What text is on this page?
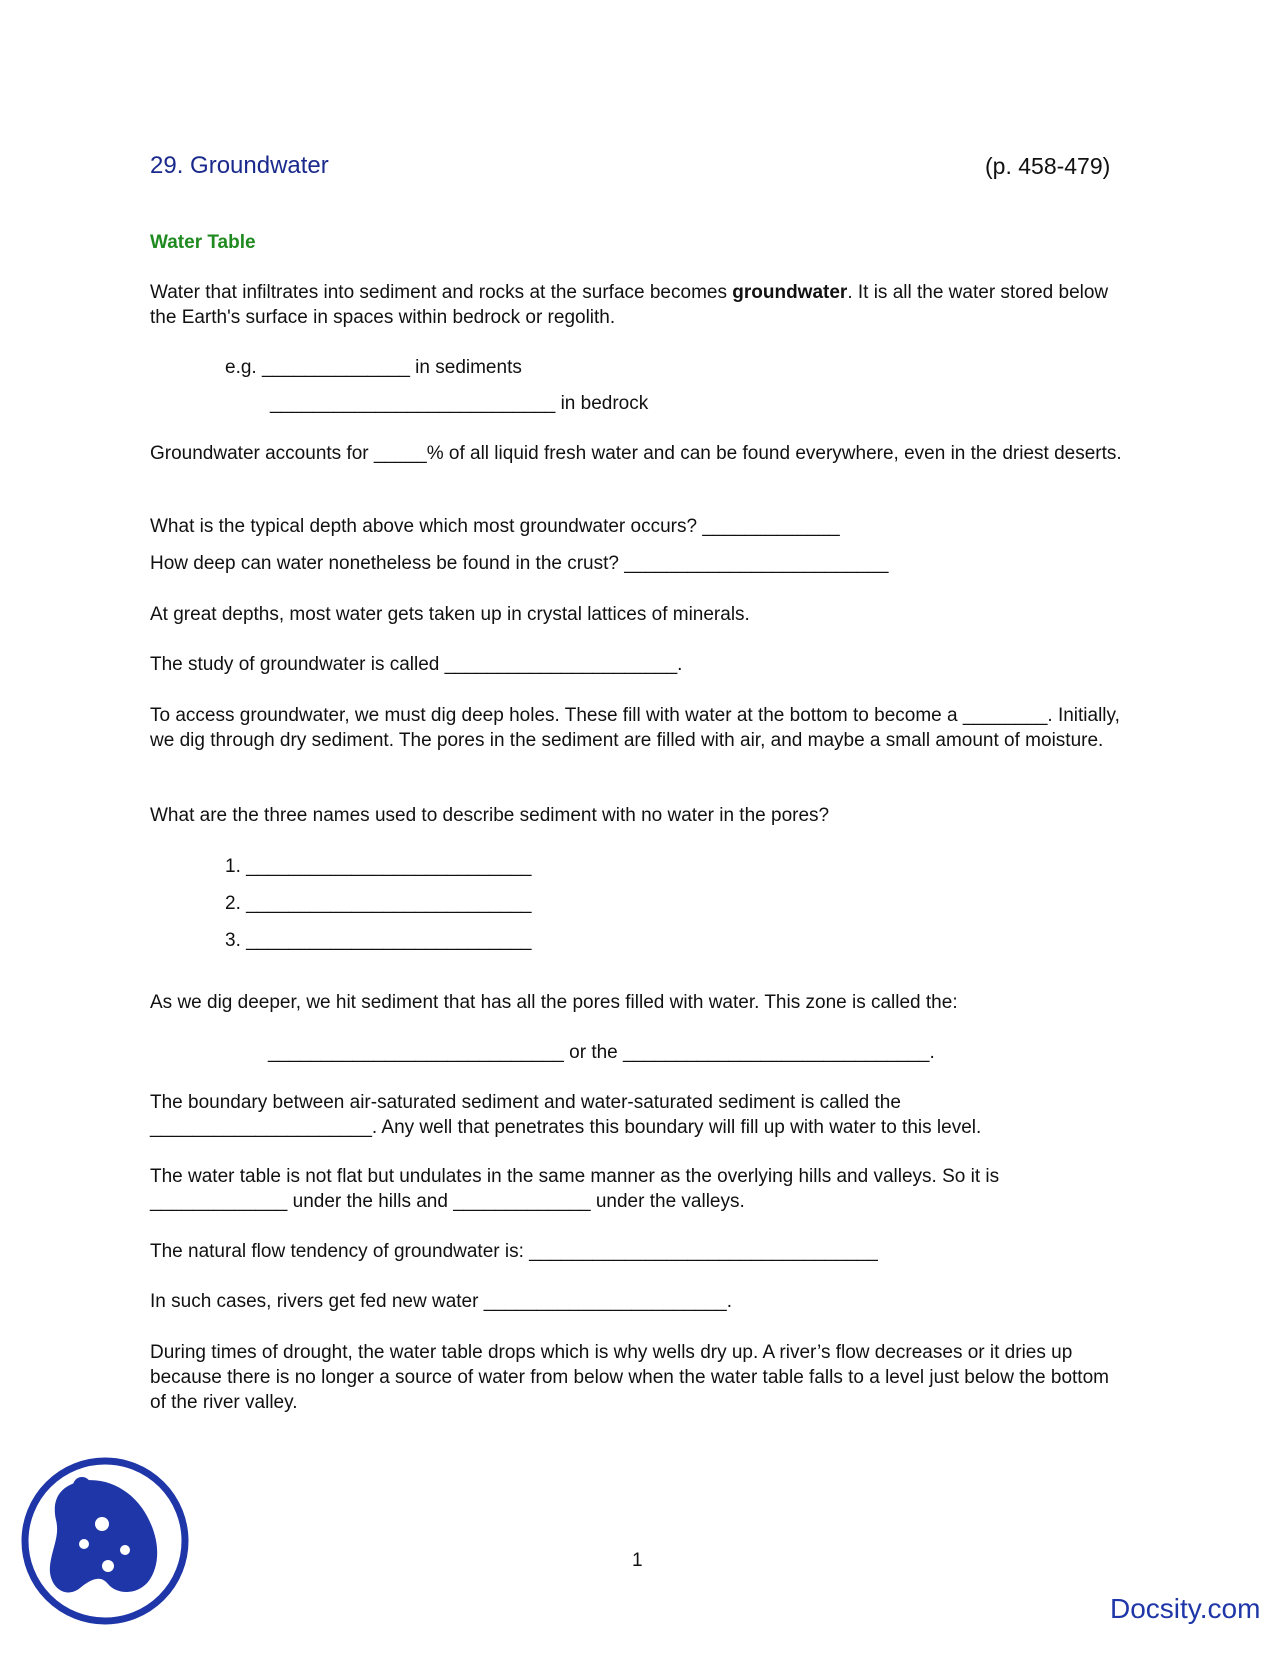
29. Groundwater	(p. 458-479)
Water Table

Water that infiltrates into sediment and rocks at the surface becomes groundwater. It is all the water stored below the Earth's surface in spaces within bedrock or regolith.

e.g. ______________ in sediments
___________________________ in bedrock

Groundwater accounts for _____% of all liquid fresh water and can be found everywhere, even in the driest deserts.

What is the typical depth above which most groundwater occurs? _____________

How deep can water nonetheless be found in the crust? _________________________

At great depths, most water gets taken up in crystal lattices of minerals.

The study of groundwater is called ______________________.

To access groundwater, we must dig deep holes. These fill with water at the bottom to become a ________. Initially, we dig through dry sediment. The pores in the sediment are filled with air, and maybe a small amount of moisture.

What are the three names used to describe sediment with no water in the pores?

1. ___________________________
2. ___________________________
3. ___________________________

As we dig deeper, we hit sediment that has all the pores filled with water. This zone is called the:

____________________________ or the _____________________________.

The boundary between air-saturated sediment and water-saturated sediment is called the _____________________. Any well that penetrates this boundary will fill up with water to this level.

The water table is not flat but undulates in the same manner as the overlying hills and valleys. So it is _____________ under the hills and _____________ under the valleys.

The natural flow tendency of groundwater is: _________________________________

In such cases, rivers get fed new water _______________________.

During times of drought, the water table drops which is why wells dry up. A river’s flow decreases or it dries up because there is no longer a source of water from below when the water table falls to a level just below the bottom of the river valley.

1
Docsity.com
